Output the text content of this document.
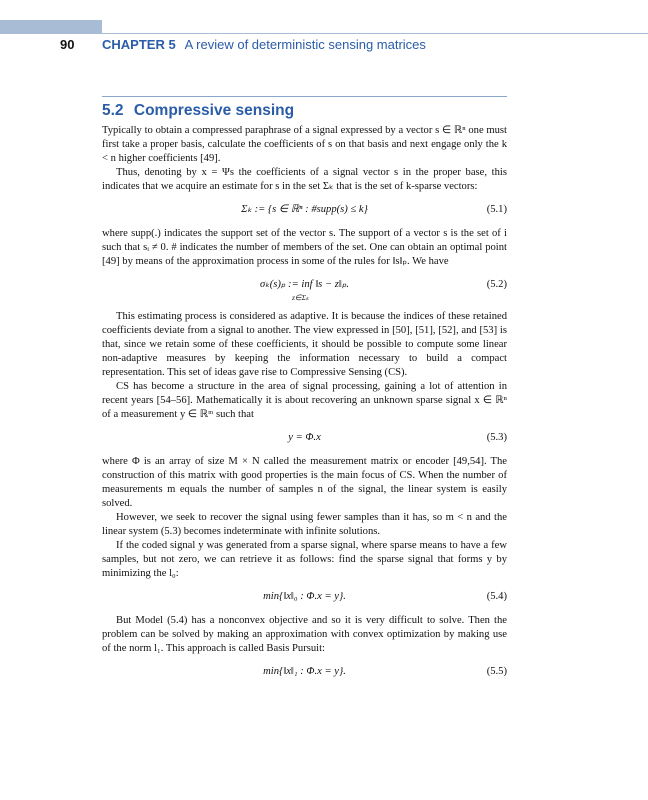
90 CHAPTER 5 A review of deterministic sensing matrices
5.2 Compressive sensing

Typically to obtain a compressed paraphrase of a signal expressed by a vector s ∈ ℝⁿ one must first take a proper basis, calculate the coefficients of s on that basis and next engage only the k < n higher coefficients [49].

Thus, denoting by x = Ψs the coefficients of a signal vector s in the proper base, this indicates that we acquire an estimate for s in the set Σₖ that is the set of k-sparse vectors:

Σₖ := {s ∈ ℝⁿ : #supp(s) ≤ k}	(5.1)

where supp(.) indicates the support set of the vector s. The support of a vector s is the set of i such that sᵢ ≠ 0. # indicates the number of members of the set. One can obtain an optimal point [49] by means of the approximation process in some of the rules for ‖s‖ₚ. We have

σₖ(s)ₚ := inf ‖s − z‖ₚ.
z∈Σₖ
(5.2)

This estimating process is considered as adaptive. It is because the indices of these retained coefficients deviate from a signal to another. The view expressed in [50], [51], [52], and [53] is that, since we retain some of these coefficients, it should be possible to compute some linear non-adaptive measures by keeping the information necessary to build a compact representation. This set of ideas gave rise to Compressive Sensing (CS).

CS has become a structure in the area of signal processing, gaining a lot of attention in recent years [54–56]. Mathematically it is about recovering an unknown sparse signal x ∈ ℝⁿ of a measurement y ∈ ℝᵐ such that

y = Φ.x	(5.3)

where Φ is an array of size M × N called the measurement matrix or encoder [49,54]. The construction of this matrix with good properties is the main focus of CS. When the number of measurements m equals the number of samples n of the signal, the linear system is easily solved.

However, we seek to recover the signal using fewer samples than it has, so m < n and the linear system (5.3) becomes indeterminate with infinite solutions.

If the coded signal y was generated from a sparse signal, where sparse means to have a few samples, but not zero, we can retrieve it as follows: find the sparse signal that forms y by minimizing the l₀:

min{‖x‖₀ : Φ.x = y}.	(5.4)

But Model (5.4) has a nonconvex objective and so it is very difficult to solve. Then the problem can be solved by making an approximation with convex optimization by making use of the norm l₁. This approach is called Basis Pursuit:

min{‖x‖₁ : Φ.x = y}.	(5.5)
